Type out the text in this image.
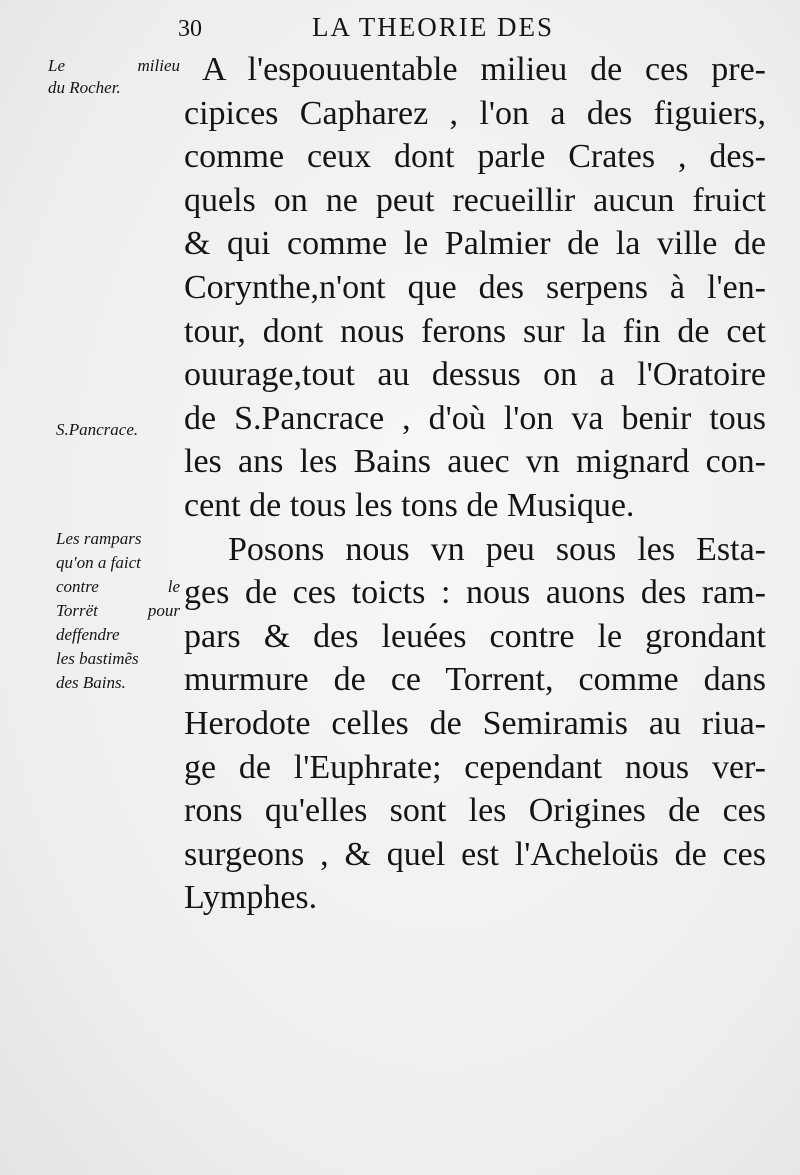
30	LA THEORIE DES
Le milieu
du Rocher.
S.Pancrace.
Les rampars
qu'on a faict
contre le
Torrët pour
deffendre
les bastimẽs
des Bains.
A l'espouuentable milieu de ces pre-
cipices Capharez , l'on a des figuiers,
comme ceux dont parle Crates , des-
quels on ne peut recueillir aucun fruict
& qui comme le Palmier de la ville de
Corynthe,n'ont que des serpens à l'en-
tour, dont nous ferons sur la fin de cet
ouurage,tout au dessus on a l'Oratoire
de S.Pancrace , d'où l'on va benir tous
les ans les Bains auec vn mignard con-
cent de tous les tons de Musique.
Posons nous vn peu sous les Esta-
ges de ces toicts : nous auons des ram-
pars & des leuées contre le grondant
murmure de ce Torrent, comme dans
Herodote celles de Semiramis au riua-
ge de l'Euphrate; cependant nous ver-
rons qu'elles sont les Origines de ces
surgeons , & quel est l'Acheloüs de ces
Lymphes.
